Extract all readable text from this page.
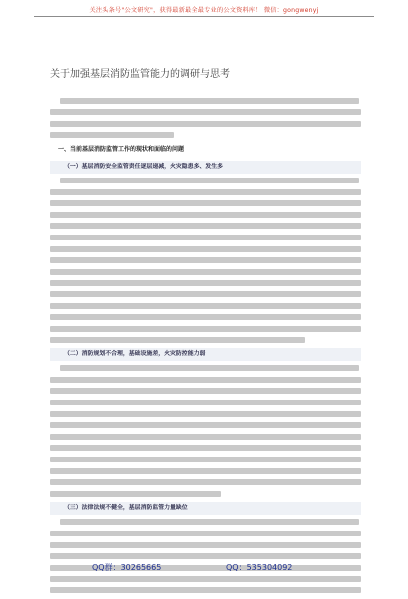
关注头条号"公文研究"，获得最新最全最专业的公文资料库！ 微信：gongwenyj
关于加强基层消防监管能力的调研与思考
一、当前基层消防监管工作的现状和面临的问题
（一）基层消防安全监管责任逐层递减，火灾隐患多、发生多
（二）消防规划不合理，基础设施差，火灾防控能力弱
（三）法律法规不健全，基层消防监管力量缺位
QQ群：30265665	QQ：535304092
